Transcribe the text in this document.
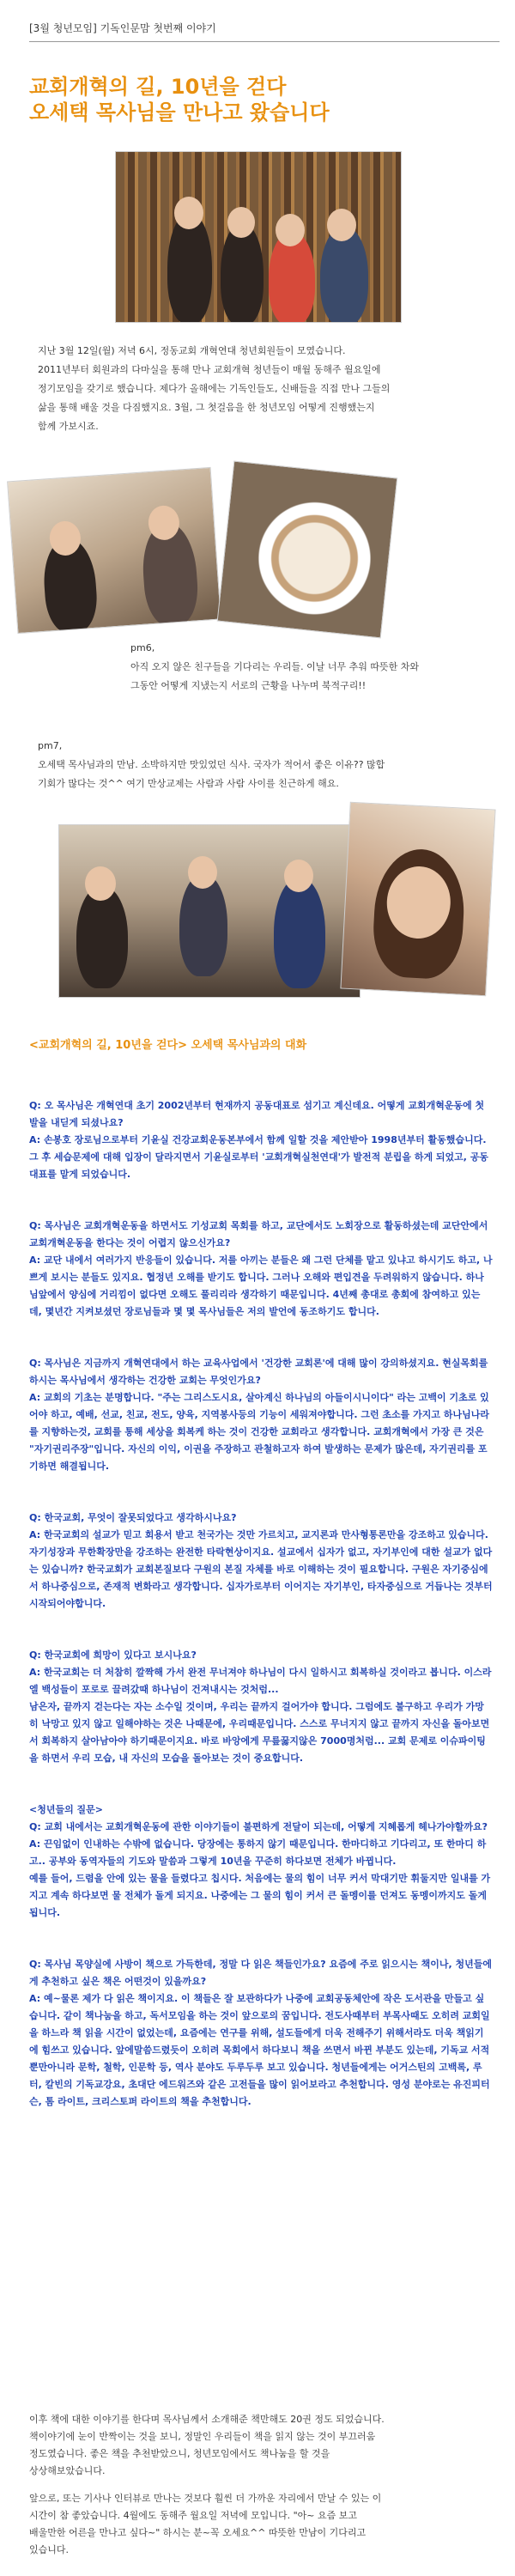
[3월 청년모임] 기독인문맘 첫번째 이야기
교회개혁의 길, 10년을 걷다
오세택 목사님을 만나고 왔습니다
지난 3월 12일(월) 저녁 6시, 정동교회 개혁연대 청년회원들이 모였습니다.
2011년부터 회원과의 다마실을 통해 만나 교회개혁 청년들이 매월 동해주 월요일에
정기모임을 갖기로 했습니다. 제다가 올해에는 기독인들도, 신배들을 직접 만나 그들의
삶을 통해 배울 것을 다짐했지요. 3월, 그 첫걸음을 한 청년모임 어떻게 진행했는지
함께 가보시죠.
pm6,
아직 오지 않은 친구들을 기다리는 우리들. 이날 너무 추워 따뜻한 차와
그동안 어떻게 지냈는지 서로의 근황을 나누며 북적구리!!
pm7,
오세택 목사님과의 만남. 소박하지만 맛있었던 식사. 국자가 적어서 좋은 이유?? 많합
기회가 많다는 것^^ 여기 만상교제는 사람과 사람 사이를 친근하게 해요.
<교회개혁의 길, 10년을 걷다> 오세택 목사님과의 대화

Q: 오 목사님은 개혁연대 초기 2002년부터 현재까지 공동대표로 섬기고 계신데요. 어떻게 교회개혁운동에 첫발을 내딛게 되셨나요?
A: 손봉호 장로님으로부터 기윤실 건강교회운동본부에서 함께 일할 것을 제안받아 1998년부터 활동했습니다. 그 후 세습문제에 대해 입장이 달라지면서 기윤실로부터 '교회개혁실천연대'가 발전적 분립을 하게 되었고, 공동대표를 맡게 되었습니다.

Q: 목사님은 교회개혁운동을 하면서도 기성교회 목회를 하고, 교단에서도 노회장으로 활동하셨는데 교단안에서 교회개혁운동을 한다는 것이 어렵지 않으신가요?
A: 교단 내에서 여러가지 반응들이 있습니다. 저를 아끼는 분들은 왜 그런 단체를 맡고 있냐고 하시기도 하고, 나쁘게 보시는 분들도 있지요. 협정년 오해를 받기도 합니다. 그러나 오해와 편입견을 두려워하지 않습니다. 하나님앞에서 양심에 거리낌이 없다면 오해도 풀리리라 생각하기 때문입니다. 4년째 총대로 총회에 참여하고 있는데, 몇년간 지켜보셨던 장로님들과 몇 몇 목사님들은 저의 발언에 동조하기도 합니다.

Q: 목사님은 지금까지 개혁연대에서 하는 교육사업에서 '건강한 교회론'에 대해 많이 강의하셨지요. 현실목회를 하시는 목사님에서 생각하는 건강한 교회는 무엇인가요?
A: 교회의 기초는 분명합니다. "주는 그리스도시요, 살아계신 하나님의 아들이시니이다" 라는 고백이 기초로 있어야 하고, 예배, 선교, 친교, 전도, 양육, 지역봉사등의 기능이 세워져야합니다. 그런 초소를 가지고 하나님나라를 지향하는것, 교회를 통해 세상을 회복케 하는 것이 건강한 교회라고 생각합니다. 교회개혁에서 가장 큰 것은 "자기권리주장"입니다. 자신의 이익, 이권을 주장하고 관철하고자 하여 발생하는 문제가 많은데, 자기권리를 포기하면 해결됩니다.

Q: 한국교회, 무엇이 잘못되었다고 생각하시나요?
A: 한국교회의 설교가 믿고 회용서 받고 천국가는 것만 가르치고, 교지론과 만사형통론만을 강조하고 있습니다. 자기성장과 무한확장만을 강조하는 완전한 타락현상이지요. 설교에서 십자가 없고, 자기부인에 대한 설교가 없다는 있습니까? 한국교회가 교회본질보다 구원의 본질 자체를 바로 이해하는 것이 필요합니다. 구원은 자기중심에서 하나중심으로, 존재적 변화라고 생각합니다. 십자가로부터 이어지는 자기부인, 타자중심으로 거듭나는 것부터 시작되어야합니다.

Q: 한국교회에 희망이 있다고 보시나요?
A: 한국교회는 더 처참히 깔짝해 가서 완전 무너져야 하나님이 다시 일하시고 회복하실 것이라고 봅니다. 이스라엘 백성들이 포로로 끌려갔때 하나님이 건져내시는 것처럼...
남은자, 끝까지 걷는다는 자는 소수일 것이며, 우리는 끝까지 걸어가야 합니다. 그럼에도 불구하고 우리가 가망히 낙망고 있지 않고 일해야하는 것은 나때문에, 우리때문입니다. 스스로 무너지지 않고 끝까지 자신을 돌아보면서 회복하지 살아남아야 하기때문이지요. 바로 바앙에게 무릎꿇지않은 7000명처럼... 교회 문제로 이슈파이팅을 하면서 우리 모습, 내 자신의 모습을 돌아보는 것이 중요합니다.

<청년들의 질문>
Q: 교회 내에서는 교회개혁운동에 관한 이야기들이 불편하게 전달이 되는데, 어떻게 지혜롭게 헤나가야할까요?
A: 끈임없이 인내하는 수밖에 없습니다. 당장에는 통하지 않기 때문입니다. 한마디하고 기다리고, 또 한마디 하고.. 공부와 동역자들의 기도와 말씀과 그렇게 10년을 꾸준히 하다보면 전체가 바뀝니다.
예를 들어, 드렴을 안에 있는 물을 들렸다고 칩시다. 처음에는 물의 힘이 너무 커서 막대기만 휘둘지만 일내를 가지고 계속 하다보면 물 전체가 돌게 되지요. 나중에는 그 물의 힘이 커서 큰 돌멩이를 던져도 동멩이까지도 돌게됩니다.

Q: 목사님 목양실에 사방이 책으로 가득한데, 정말 다 읽은 책들인가요? 요즘에 주로 읽으시는 책이나, 청년들에게 추천하고 싶은 책은 어떤것이 있을까요?
A: 예~물론 제가 다 읽은 책이지요. 이 책들은 잘 보관하다가 나중에 교회공동체안에 작은 도서관을 만들고 싶습니다. 같이 책나눔을 하고, 독서모임을 하는 것이 앞으로의 꿈입니다. 전도사때부터 부목사때도 오히려 교회일을 하느라 책 읽을 시간이 없었는데, 요즘에는 연구를 위해, 설도들에게 더욱 전해주기 위해서라도 더욱 책읽기에 힘쓰고 있습니다. 앞에말씀드렸듯이 오히려 목회에서 하다보니 책을 쓰면서 바뀐 부분도 있는데, 기독교 서적뿐만아니라 문학, 철학, 인문학 등, 역사 분야도 두루두루 보고 있습니다. 청년들에게는 어거스틴의 고백록, 루터, 칼빈의 기독교강요, 초대단 에드워즈와 같은 고전들을 많이 읽어보라고 추천합니다. 영성 분야로는 유진피터슨, 톰 라이트, 크리스토퍼 라이트의 책을 추천합니다.

이후 책에 대한 이야기를 한다며 목사님께서 소개해준 책만해도 20권 정도 되었습니다.
책이야기에 눈이 반짝이는 것을 보니, 정말인 우리들이 책을 읽지 않는 것이 부끄러움
정도였습니다. 좋은 책을 추천받았으니, 청년모임에서도 책나눔을 할 것을
상상해보았습니다.
앞으로, 또는 기사나 인터뷰로 만나는 것보다 훨씬 더 가까운 자리에서 만날 수 있는 이
시간이 참 좋았습니다. 4월에도 동해주 월요일 저녁에 모입니다. "아~ 요즘 보고
배울만한 어른을 만나고 싶다~" 하시는 분~꼭 오세요^^ 따뜻한 만남이 기다리고
있습니다.
